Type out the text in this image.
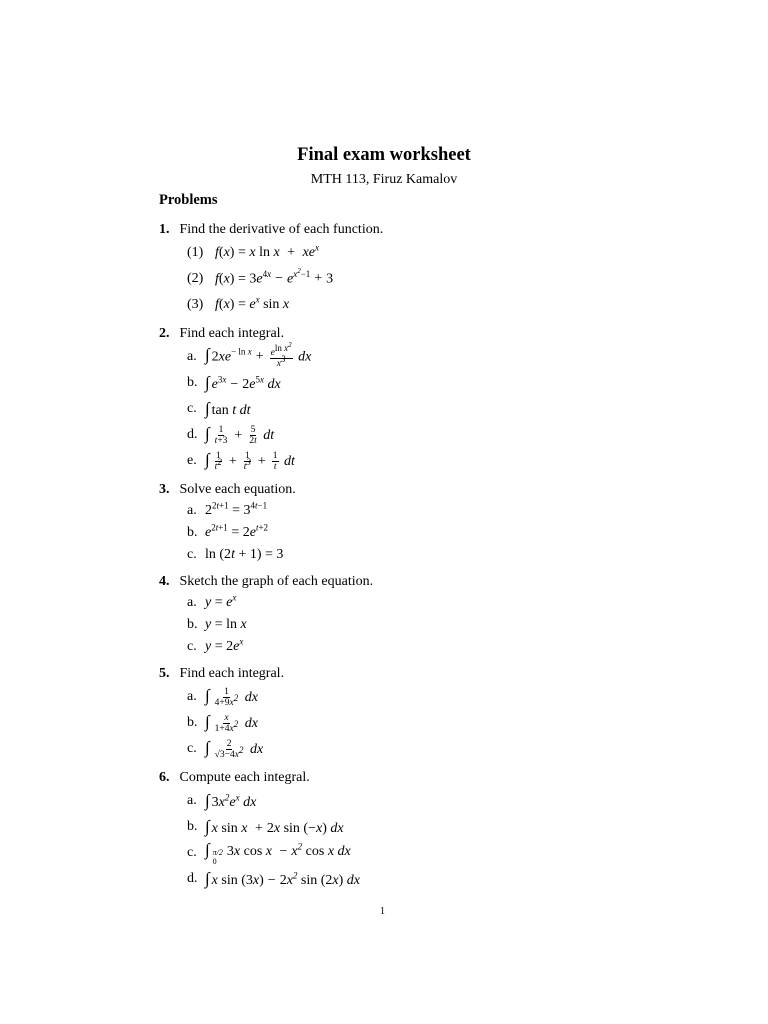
Final exam worksheet
MTH 113, Firuz Kamalov
Problems
1. Find the derivative of each function.
(1) f(x) = x $\ln x + xe^x$
(2) $f(x) = 3e^{4x} - e^{x^2-1} + 3$
(3) $f(x) = e^x$ sin x
2. Find each integral.
a. ∫ $2xe^{- ln x} + \frac{e^{ln x^2}}{x^3}$ dx
b. ∫ $e^{3x} - 2e^{5x}$ dx
c. ∫ tan t dt
d. ∫ $\frac{1}{t+3} + \frac{5}{2t}$ dt
e. ∫ $\frac{1}{t^2} + \frac{1}{t^3} + \frac{1}{t}$ dt
3. Solve each equation.
a. $2^{2t+1} = 3^{4t-1}$
b. $e^{2t+1} = 2e^{t+2}$
c. ln (2t + 1) = 3
4. Sketch the graph of each equation.
a. $y = e^x$
b. y = ln x
c. $y = 2e^x$
5. Find each integral.
a. ∫ $\frac{1}{4+9x^2}$ dx
b. ∫ $\frac{x}{1+4x^2}$ dx
c. ∫ $\frac{2}{√3-4x^2}$ dx
6. Compute each integral.
a. ∫ $3x^2e^x$ dx
b. ∫ x sin x + 2x sin (−x) dx
c. ∫ π/2
0
3x $\cos x - x^2$ cos x dx
d. ∫ x $\sin (3x) - 2x^2$ sin (2x) dx
1
